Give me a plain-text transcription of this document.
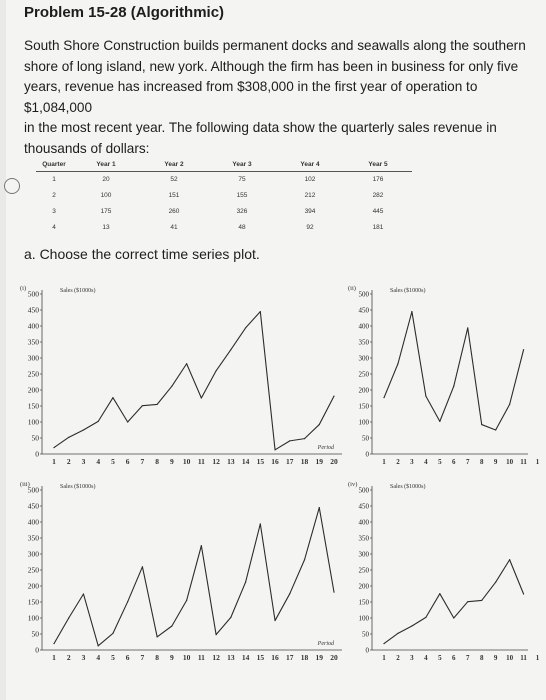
Problem 15-28 (Algorithmic)
South Shore Construction builds permanent docks and seawalls along the southern
shore of long island, new york. Although the firm has been in business for only five
years, revenue has increased from $308,000 in the first year of operation to $1,084,000
in the most recent year. The following data show the quarterly sales revenue in
thousands of dollars:
Quarter	Year 1	Year 2	Year 3	Year 4	Year 5
1	20	52	75	102	176
2	100	151	155	212	282
3	175	260	326	394	445
4	13	41	48	92	181
a. Choose the correct time series plot.
(i)
0
50
100
150
200
250
300
350
400
450
500
1 2 3 4 5 6 7 8 9 10 11 12 13 14 15 16 17 18 19 20
Sales ($1000s)
Period
(ii)
0
50
100
150
200
250
300
350
400
450
500
1 2 3 4 5 6 7 8 9 10 11 1
Sales ($1000s)
(iii)
0
50
100
150
200
250
300
350
400
450
500
1 2 3 4 5 6 7 8 9 10 11 12 13 14 15 16 17 18 19 20
Sales ($1000s)
Period
(iv)
0
50
100
150
200
250
300
350
400
450
500
1 2 3 4 5 6 7 8 9 10 11 1
Sales ($1000s)
